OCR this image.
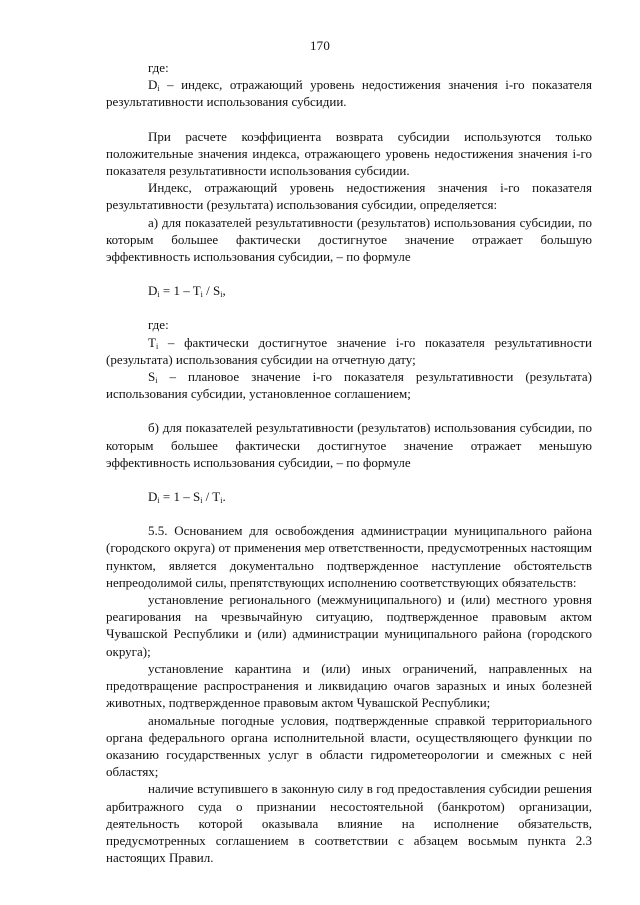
170

где:

$D_i$ – индекс, отражающий уровень недостижения значения i-го показателя результативности использования субсидии.

При расчете коэффициента возврата субсидии используются только положительные значения индекса, отражающего уровень недостижения значения i-го показателя результативности использования субсидии.

Индекс, отражающий уровень недостижения значения i-го показателя результативности (результата) использования субсидии, определяется:

а) для показателей результативности (результатов) использования субсидии, по которым большее фактически достигнутое значение отражает большую эффективность использования субсидии, – по формуле

$D_i = 1 - T_i / S_i$,

где:

$T_i$ – фактически достигнутое значение i-го показателя результативности (результата) использования субсидии на отчетную дату;

$S_i$ – плановое значение i-го показателя результативности (результата) использования субсидии, установленное соглашением;

б) для показателей результативности (результатов) использования субсидии, по которым большее фактически достигнутое значение отражает меньшую эффективность использования субсидии, – по формуле

$D_i = 1 - S_i / T_i$.

5.5. Основанием для освобождения администрации муниципального района (городского округа) от применения мер ответственности, предусмотренных настоящим пунктом, является документально подтвержденное наступление обстоятельств непреодолимой силы, препятствующих исполнению соответствующих обязательств:

установление регионального (межмуниципального) и (или) местного уровня реагирования на чрезвычайную ситуацию, подтвержденное правовым актом Чувашской Республики и (или) администрации муниципального района (городского округа);

установление карантина и (или) иных ограничений, направленных на предотвращение распространения и ликвидацию очагов заразных и иных болезней животных, подтвержденное правовым актом Чувашской Республики;

аномальные погодные условия, подтвержденные справкой территориального органа федерального органа исполнительной власти, осуществляющего функции по оказанию государственных услуг в области гидрометеорологии и смежных с ней областях;

наличие вступившего в законную силу в год предоставления субсидии решения арбитражного суда о признании несостоятельной (банкротом) организации, деятельность которой оказывала влияние на исполнение обязательств, предусмотренных соглашением в соответствии с абзацем восьмым пункта 2.3 настоящих Правил.
